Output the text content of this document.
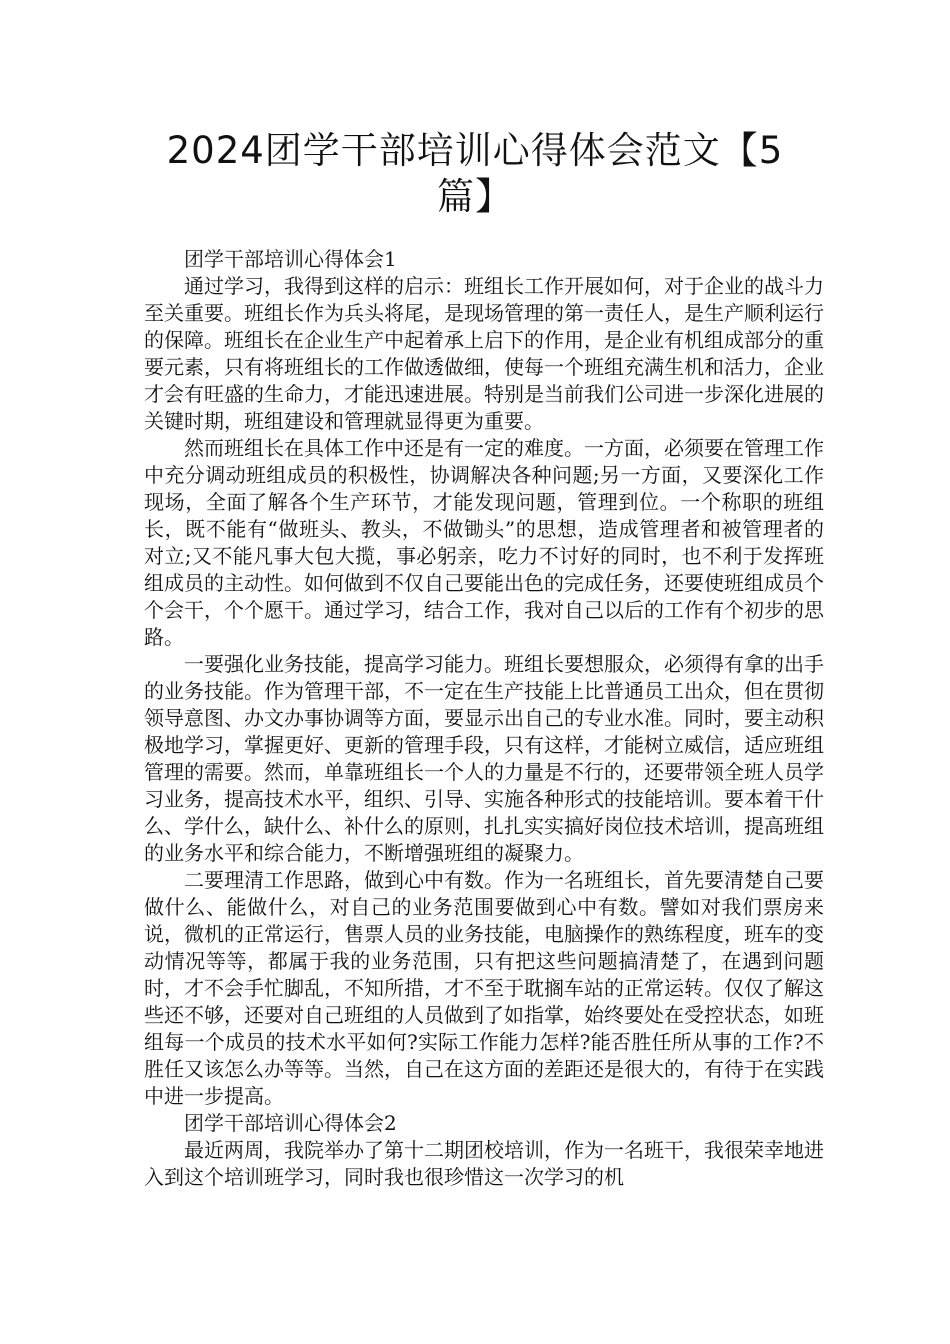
2024团学干部培训心得体会范文【5篇】

团学干部培训心得体会1

通过学习，我得到这样的启示：班组长工作开展如何，对于企业的战斗力至关重要。班组长作为兵头将尾，是现场管理的第一责任人，是生产顺利运行的保障。班组长在企业生产中起着承上启下的作用，是企业有机组成部分的重要元素，只有将班组长的工作做透做细，使每一个班组充满生机和活力，企业才会有旺盛的生命力，才能迅速进展。特别是当前我们公司进一步深化进展的关键时期，班组建设和管理就显得更为重要。

然而班组长在具体工作中还是有一定的难度。一方面，必须要在管理工作中充分调动班组成员的积极性，协调解决各种问题;另一方面，又要深化工作现场，全面了解各个生产环节，才能发现问题，管理到位。一个称职的班组长，既不能有“做班头、教头，不做锄头”的思想，造成管理者和被管理者的对立;又不能凡事大包大揽，事必躬亲，吃力不讨好的同时，也不利于发挥班组成员的主动性。如何做到不仅自己要能出色的完成任务，还要使班组成员个个会干，个个愿干。通过学习，结合工作，我对自己以后的工作有个初步的思路。

一要强化业务技能，提高学习能力。班组长要想服众，必须得有拿的出手的业务技能。作为管理干部，不一定在生产技能上比普通员工出众，但在贯彻领导意图、办文办事协调等方面，要显示出自己的专业水准。同时，要主动积极地学习，掌握更好、更新的管理手段，只有这样，才能树立威信，适应班组管理的需要。然而，单靠班组长一个人的力量是不行的，还要带领全班人员学习业务，提高技术水平，组织、引导、实施各种形式的技能培训。要本着干什么、学什么，缺什么、补什么的原则，扎扎实实搞好岗位技术培训，提高班组的业务水平和综合能力，不断增强班组的凝聚力。

二要理清工作思路，做到心中有数。作为一名班组长，首先要清楚自己要做什么、能做什么，对自己的业务范围要做到心中有数。譬如对我们票房来说，微机的正常运行，售票人员的业务技能，电脑操作的熟练程度，班车的变动情况等等，都属于我的业务范围，只有把这些问题搞清楚了，在遇到问题时，才不会手忙脚乱，不知所措，才不至于耽搁车站的正常运转。仅仅了解这些还不够，还要对自己班组的人员做到了如指掌，始终要处在受控状态，如班组每一个成员的技术水平如何?实际工作能力怎样?能否胜任所从事的工作?不胜任又该怎么办等等。当然，自己在这方面的差距还是很大的，有待于在实践中进一步提高。

团学干部培训心得体会2

最近两周，我院举办了第十二期团校培训，作为一名班干，我很荣幸地进入到这个培训班学习，同时我也很珍惜这一次学习的机
